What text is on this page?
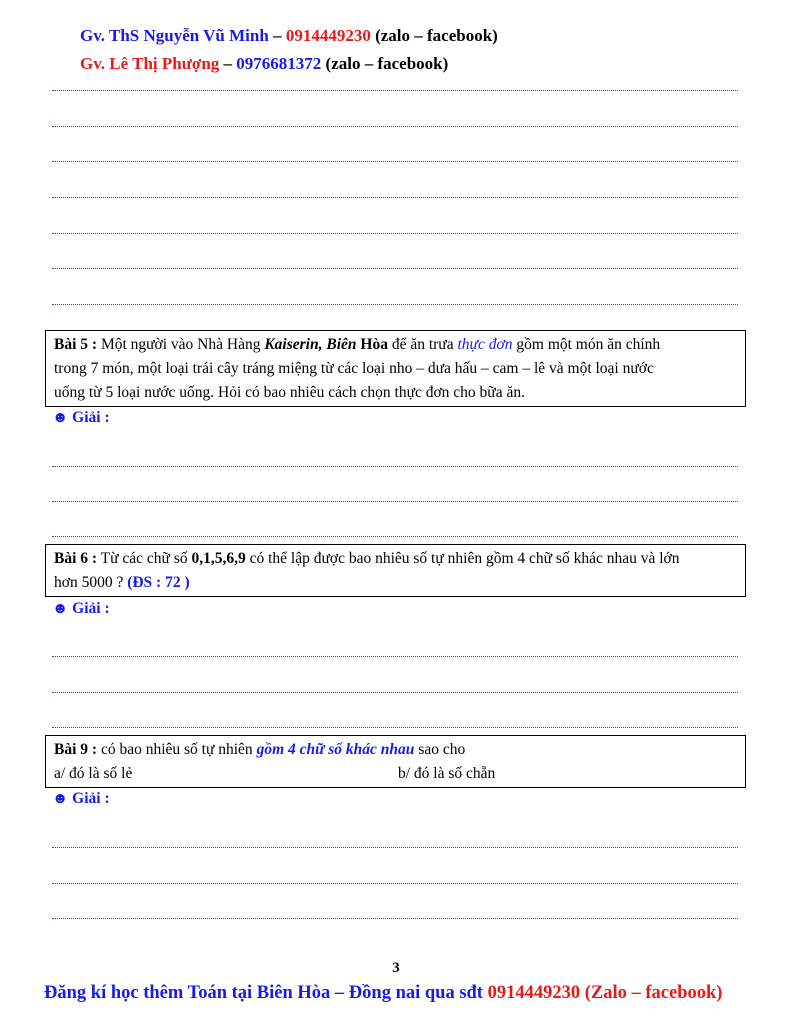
Gv. ThS Nguyễn Vũ Minh – 0914449230 (zalo – facebook)
Gv. Lê Thị Phượng – 0976681372 (zalo – facebook)
Bài 5 : Một người vào Nhà Hàng Kaiserin, Biên Hòa để ăn trưa thực đơn gồm một món ăn chính
trong 7 món, một loại trái cây tráng miệng từ các loại nho – dưa hấu – cam – lê và một loại nước
uống từ 5 loại nước uống. Hỏi có bao nhiêu cách chọn thực đơn cho bữa ăn.
☻ Giải :
Bài 6 : Từ các chữ số 0,1,5,6,9 có thể lập được bao nhiêu số tự nhiên gồm 4 chữ số khác nhau và lớn
hơn 5000 ? (ĐS : 72 )
☻ Giải :
Bài 9 : có bao nhiêu số tự nhiên gồm 4 chữ số khác nhau sao cho
a/ đó là số lẻ	b/ đó là số chẵn
☻ Giải :
3
Đăng kí học thêm Toán tại Biên Hòa – Đồng nai qua sđt 0914449230 (Zalo – facebook)
